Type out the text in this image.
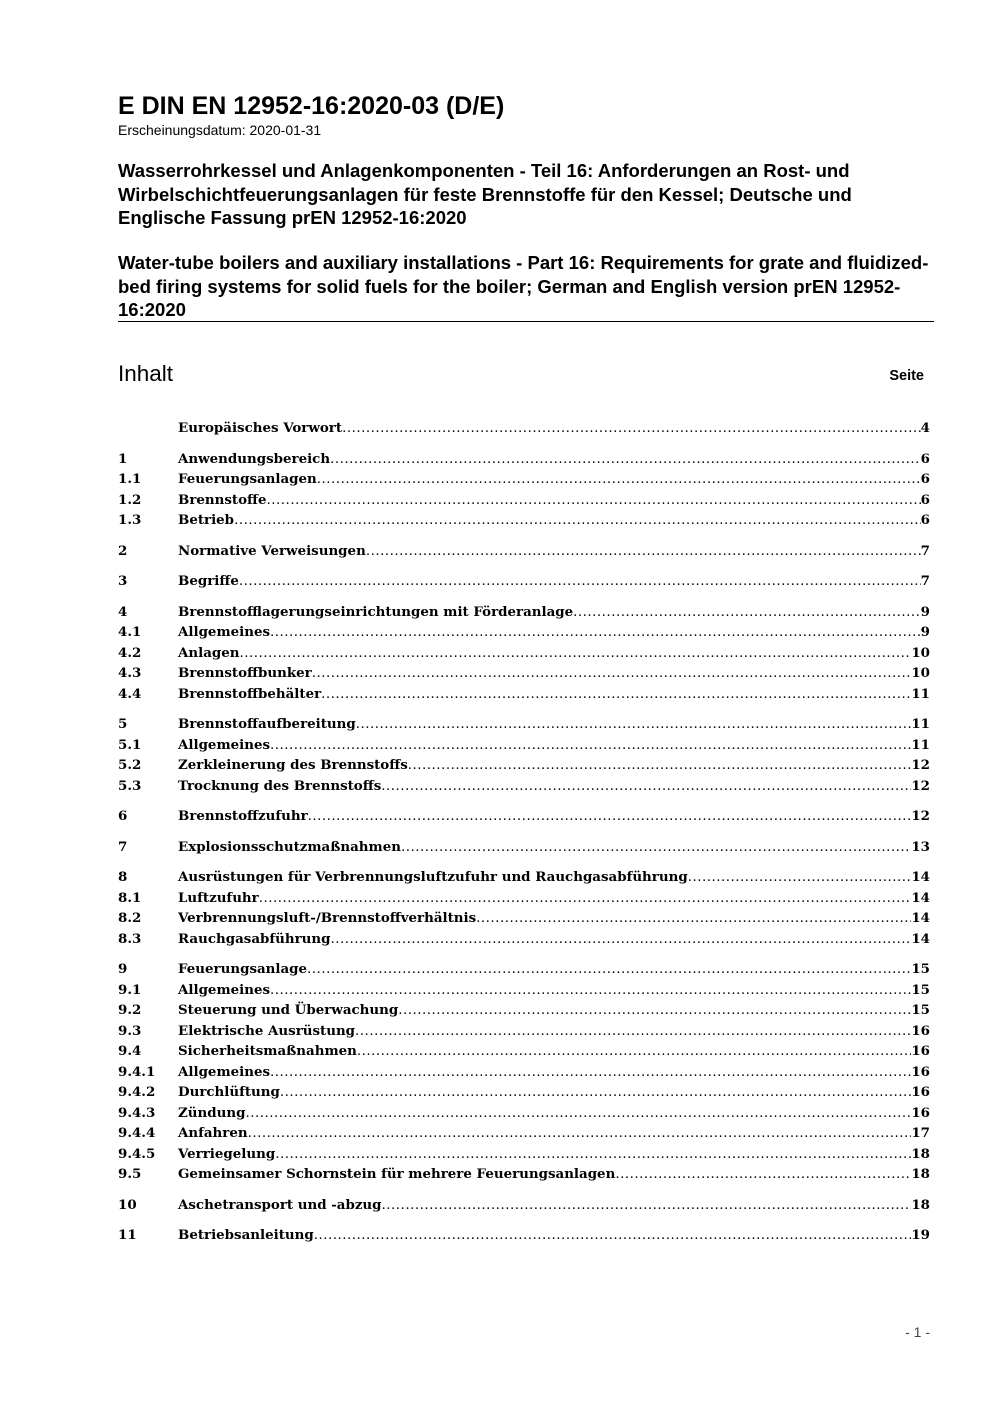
E DIN EN 12952-16:2020-03 (D/E)
Erscheinungsdatum: 2020-01-31
Wasserrohrkessel und Anlagenkomponenten - Teil 16: Anforderungen an Rost- und Wirbelschichtfeuerungsanlagen für feste Brennstoffe für den Kessel; Deutsche und Englische Fassung prEN 12952-16:2020
Water-tube boilers and auxiliary installations - Part 16: Requirements for grate and fluidized-bed firing systems for solid fuels for the boiler; German and English version prEN 12952-16:2020
Inhalt	Seite
Europäisches Vorwort .....	4
1	Anwendungsbereich .....	6
1.1	Feuerungsanlagen .....	6
1.2	Brennstoffe .....	6
1.3	Betrieb .....	6
2	Normative Verweisungen .....	7
3	Begriffe .....	7
4	Brennstofflagerungseinrichtungen mit Förderanlage .....	9
4.1	Allgemeines .....	9
4.2	Anlagen .....	10
4.3	Brennstoffbunker .....	10
4.4	Brennstoffbehälter .....	11
5	Brennstoffaufbereitung .....	11
5.1	Allgemeines .....	11
5.2	Zerkleinerung des Brennstoffs .....	12
5.3	Trocknung des Brennstoffs .....	12
6	Brennstoffzufuhr .....	12
7	Explosionsschutzmaßnahmen .....	13
8	Ausrüstungen für Verbrennungsluftzufuhr und Rauchgasabführung .....	14
8.1	Luftzufuhr .....	14
8.2	Verbrennungsluft-/Brennstoffverhältnis .....	14
8.3	Rauchgasabführung .....	14
9	Feuerungsanlage .....	15
9.1	Allgemeines .....	15
9.2	Steuerung und Überwachung .....	15
9.3	Elektrische Ausrüstung .....	16
9.4	Sicherheitsmaßnahmen .....	16
9.4.1	Allgemeines .....	16
9.4.2	Durchlüftung .....	16
9.4.3	Zündung .....	16
9.4.4	Anfahren .....	17
9.4.5	Verriegelung .....	18
9.5	Gemeinsamer Schornstein für mehrere Feuerungsanlagen .....	18
10	Aschetransport und -abzug .....	18
11	Betriebsanleitung .....	19
- 1 -
